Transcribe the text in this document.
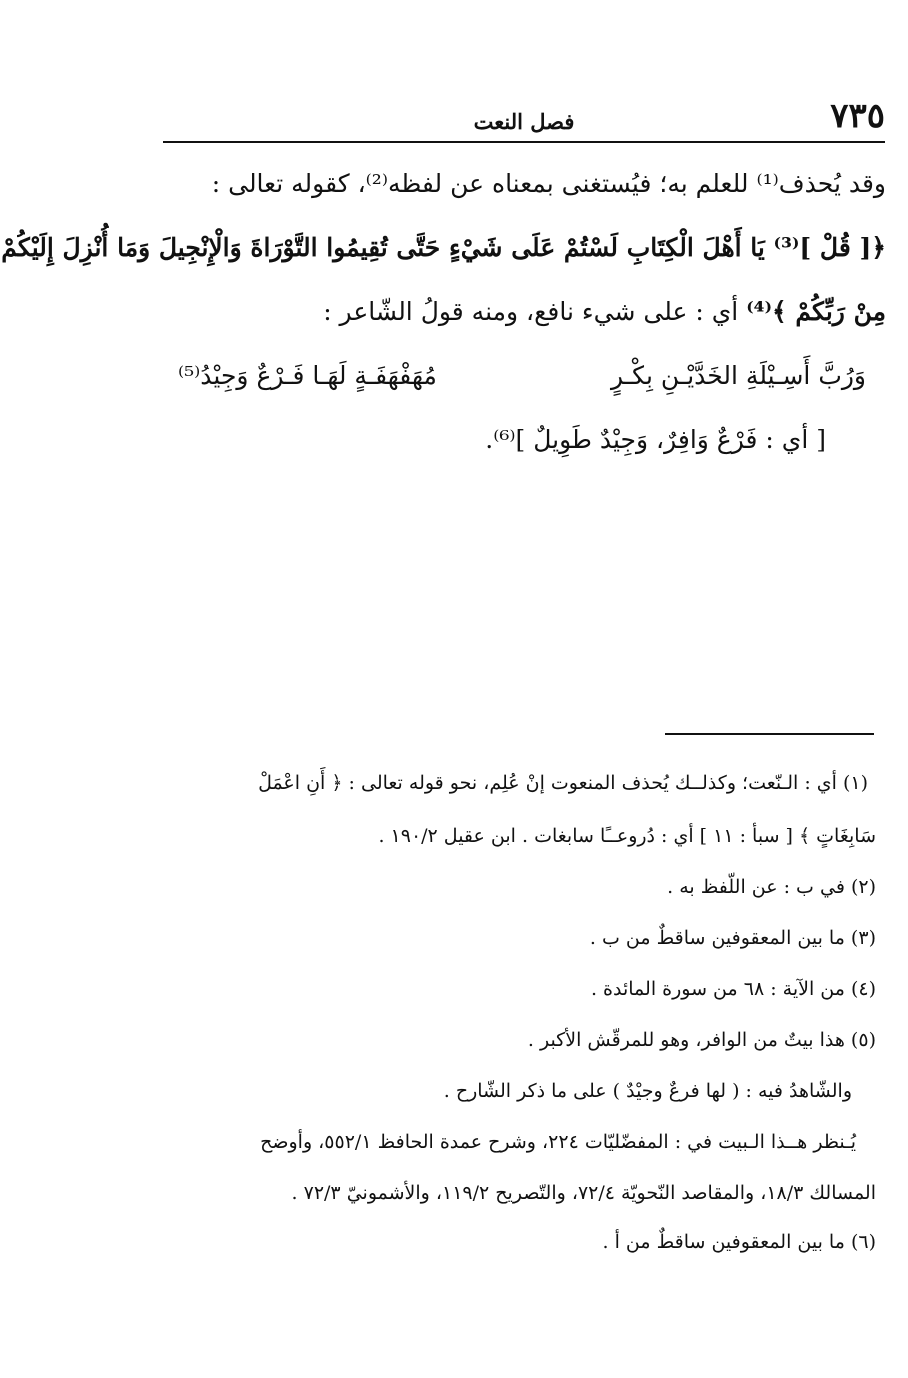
٧٣٥
فصل النعت
وقد يُحذف⁽¹⁾ للعلم به؛ فيُستغنى بمعناه عن لفظه⁽²⁾، كقوله تعالى :
﴿[ قُلْ ]⁽³⁾ يَا أَهْلَ الْكِتَابِ لَسْتُمْ عَلَى شَيْءٍ حَتَّى تُقِيمُوا التَّوْرَاةَ وَالْإِنْجِيلَ وَمَا أُنْزِلَ إِلَيْكُمْ
مِنْ رَبِّكُمْ ﴾⁽⁴⁾ أي : على شيء نافع، ومنه قولُ الشّاعر :
وَرُبَّ أَسِـيْلَةِ الخَدَّيْـنِ بِكْـرٍ
مُهَفْهَفَـةٍ لَهَـا فَـرْعٌ وَجِيْدُ⁽⁵⁾
[ أي : فَرْعٌ وَافِرٌ، وَجِيْدٌ طَوِيلٌ ]⁽⁶⁾.
(١) أي : الـنّعت؛ وكذلــك يُحذف المنعوت إنْ عُلِم، نحو قوله تعالى : ﴿ أَنِ اعْمَلْ
سَابِغَاتٍ ﴾ [ سبأ : ١١ ] أي : دُروعــًا سابغات . ابن عقيل ١٩٠/٢ .
(٢) في ب : عن اللّفظ به .
(٣) ما بين المعقوفين ساقطٌ من ب .
(٤) من الآية : ٦٨ من سورة المائدة .
(٥) هذا بيتٌ من الوافر، وهو للمرقّش الأكبر .
والشّاهدُ فيه : ( لها فرعٌ وجيْدٌ ) على ما ذكر الشّارح .
يُـنظر هــذا الـبيت في : المفضّليّات ٢٢٤، وشرح عمدة الحافظ ٥٥٢/١، وأوضح
المسالك ١٨/٣، والمقاصد النّحويّة ٧٢/٤، والتّصريح ١١٩/٢، والأشمونيّ ٧٢/٣ .
(٦) ما بين المعقوفين ساقطٌ من أ .
